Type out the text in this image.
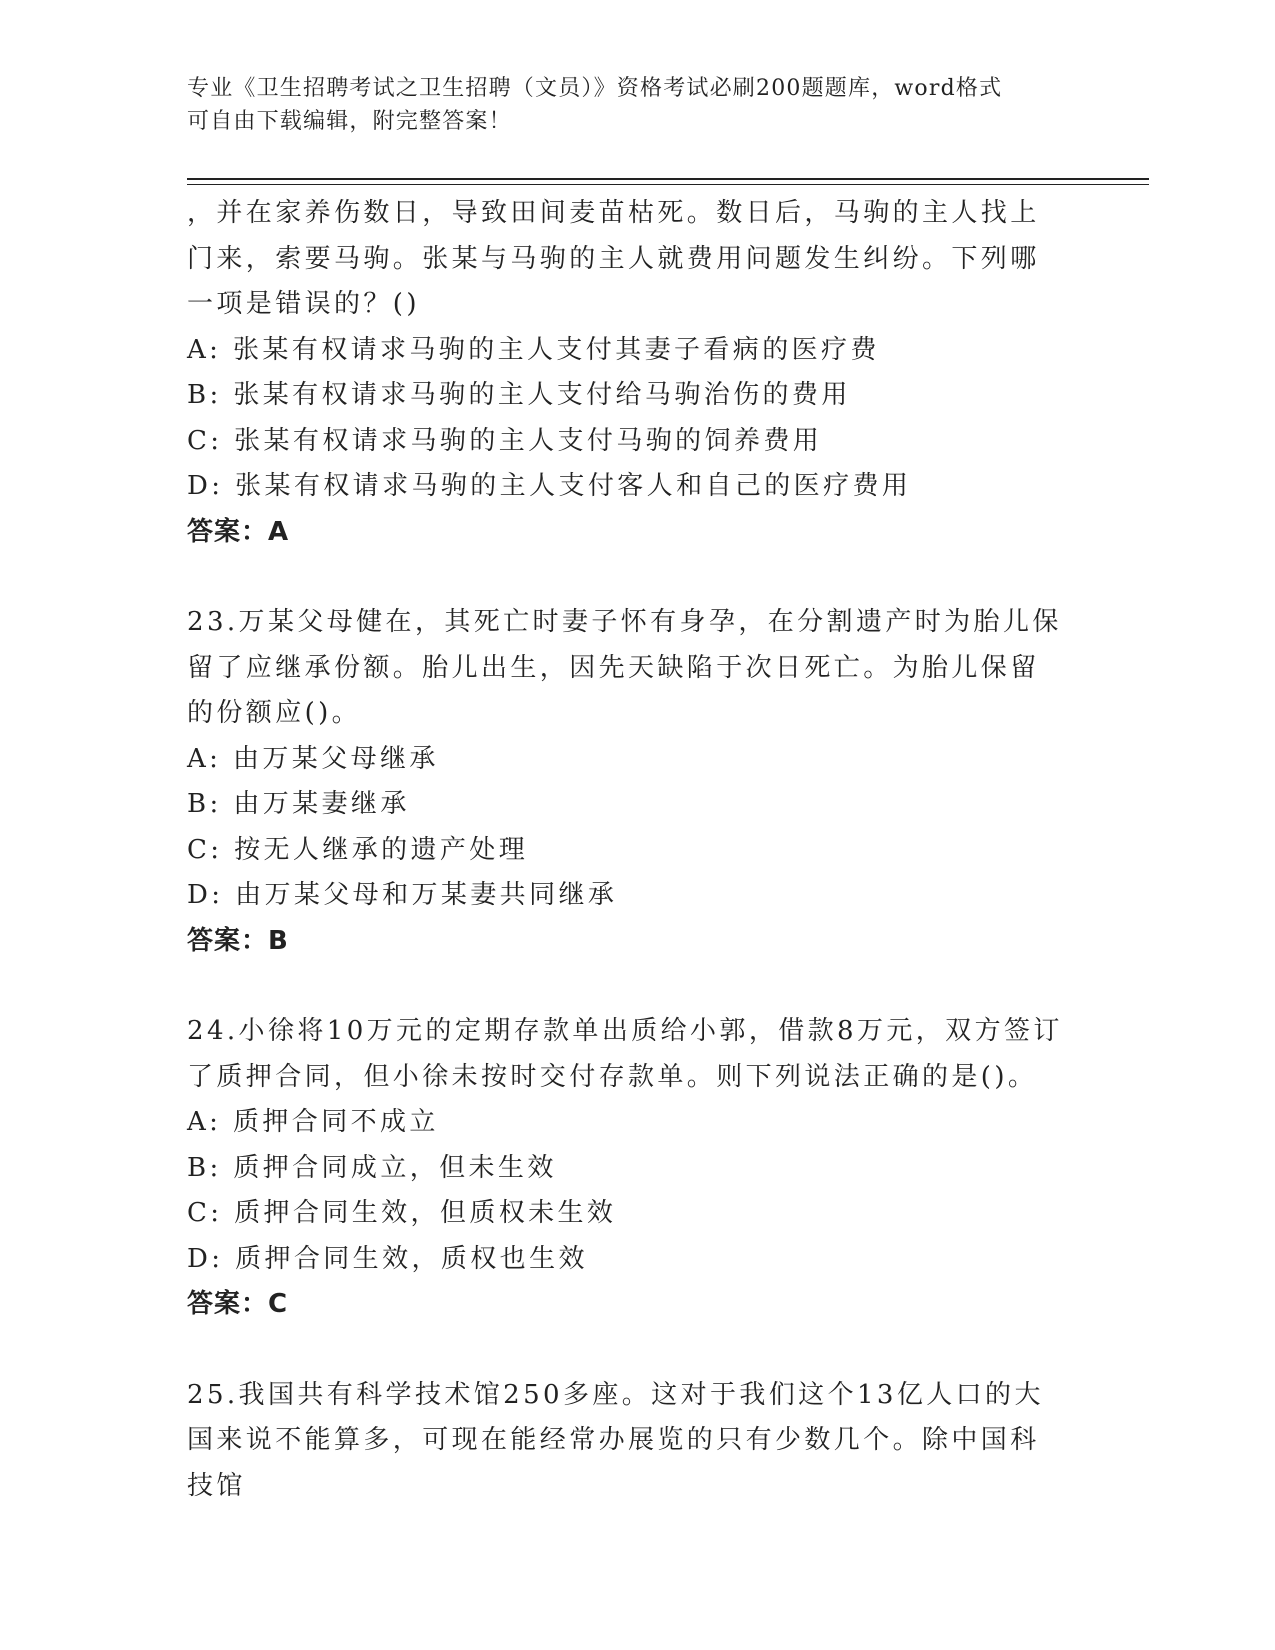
专业《卫生招聘考试之卫生招聘（文员）》资格考试必刷200题题库，word格式
可自由下载编辑，附完整答案！

，并在家养伤数日，导致田间麦苗枯死。数日后，马驹的主人找上门来，索要马驹。张某与马驹的主人就费用问题发生纠纷。下列哪一项是错误的？()

A: 张某有权请求马驹的主人支付其妻子看病的医疗费

B: 张某有权请求马驹的主人支付给马驹治伤的费用

C: 张某有权请求马驹的主人支付马驹的饲养费用

D: 张某有权请求马驹的主人支付客人和自己的医疗费用

答案：A

23.万某父母健在，其死亡时妻子怀有身孕，在分割遗产时为胎儿保留了应继承份额。胎儿出生，因先天缺陷于次日死亡。为胎儿保留的份额应()。

A: 由万某父母继承

B: 由万某妻继承

C: 按无人继承的遗产处理

D: 由万某父母和万某妻共同继承

答案：B

24.小徐将10万元的定期存款单出质给小郭，借款8万元，双方签订了质押合同，但小徐未按时交付存款单。则下列说法正确的是()。

A: 质押合同不成立

B: 质押合同成立，但未生效

C: 质押合同生效，但质权未生效

D: 质押合同生效，质权也生效

答案：C

25.我国共有科学技术馆250多座。这对于我们这个13亿人口的大国来说不能算多，可现在能经常办展览的只有少数几个。除中国科技馆
